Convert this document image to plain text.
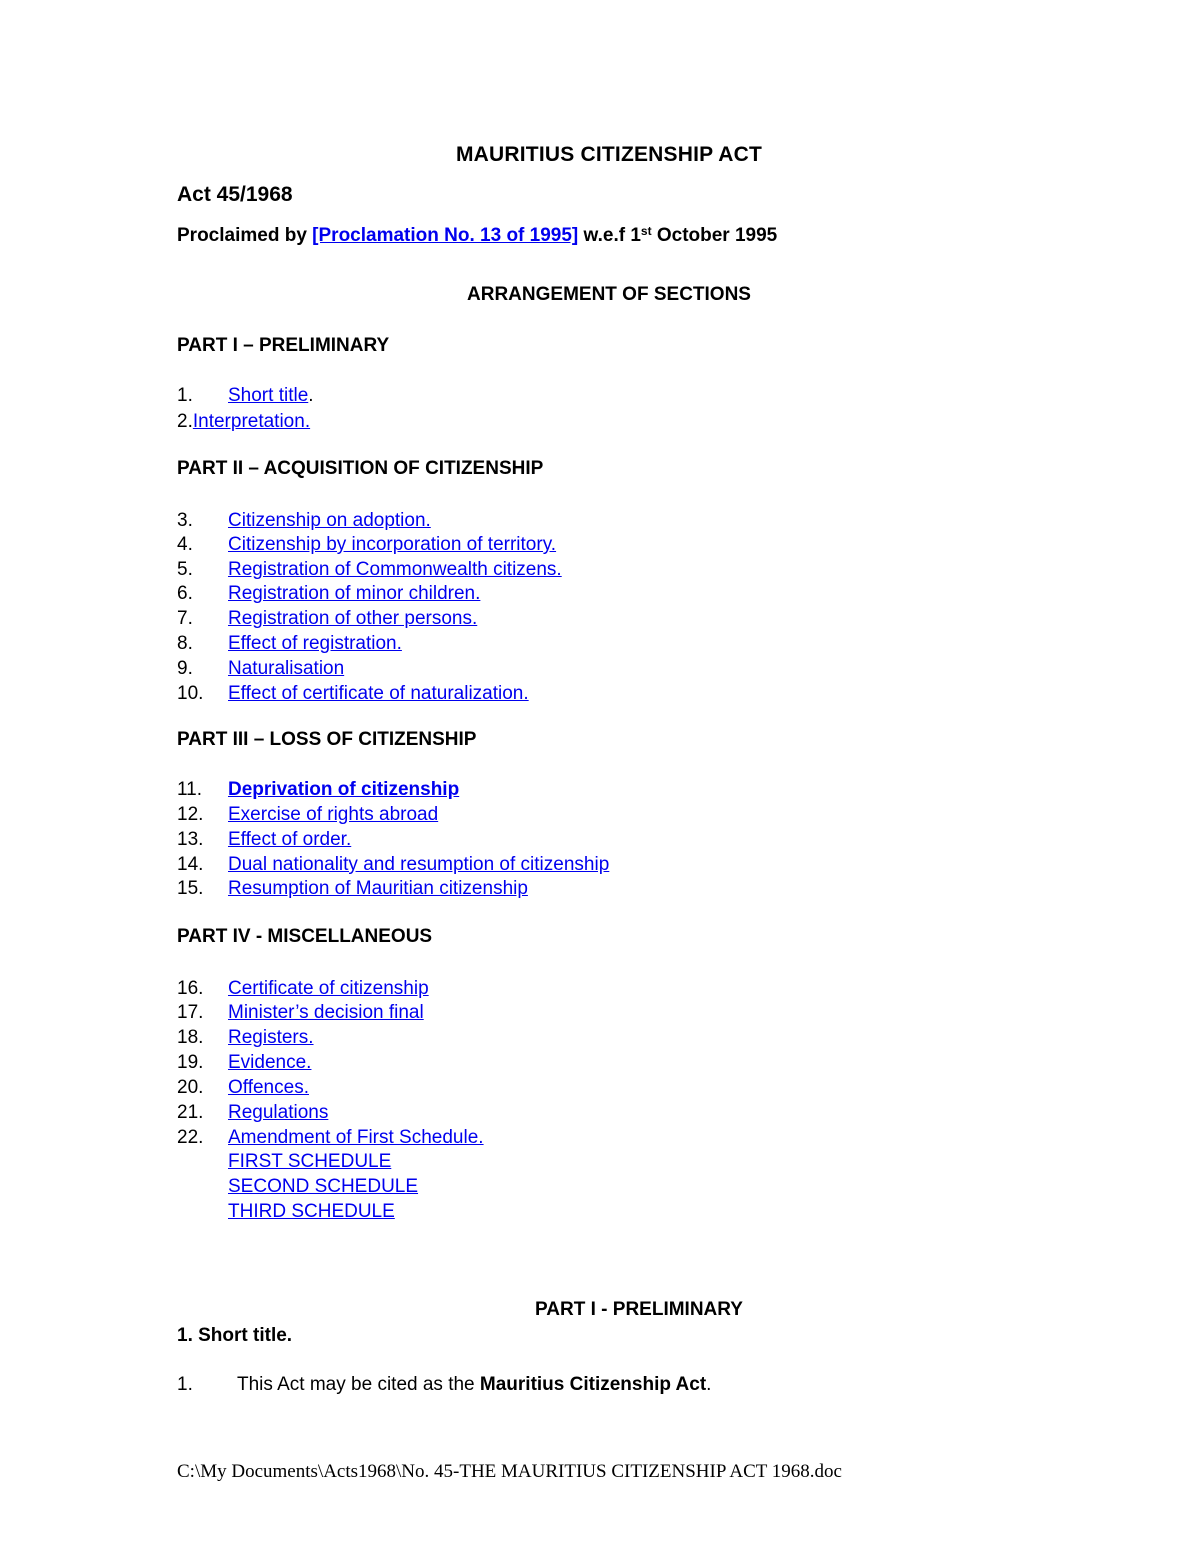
MAURITIUS CITIZENSHIP ACT
Act 45/1968
Proclaimed by [Proclamation No. 13 of 1995] w.e.f 1st October 1995
ARRANGEMENT OF SECTIONS
PART I – PRELIMINARY
1. Short title.
2.Interpretation.
PART II – ACQUISITION OF CITIZENSHIP
3. Citizenship on adoption.
4. Citizenship by incorporation of territory.
5. Registration of Commonwealth citizens.
6. Registration of minor children.
7. Registration of other persons.
8. Effect of registration.
9. Naturalisation
10. Effect of certificate of naturalization.
PART III – LOSS OF CITIZENSHIP
11. Deprivation of citizenship
12. Exercise of rights abroad
13. Effect of order.
14. Dual nationality and resumption of citizenship
15. Resumption of Mauritian citizenship
PART IV - MISCELLANEOUS
16. Certificate of citizenship
17. Minister’s decision final
18. Registers.
19. Evidence.
20. Offences.
21. Regulations
22. Amendment of First Schedule.
FIRST SCHEDULE
SECOND SCHEDULE
THIRD SCHEDULE
PART I - PRELIMINARY
1. Short title.
1. This Act may be cited as the Mauritius Citizenship Act.
C:\My Documents\Acts1968\No. 45-THE MAURITIUS CITIZENSHIP ACT 1968.doc
